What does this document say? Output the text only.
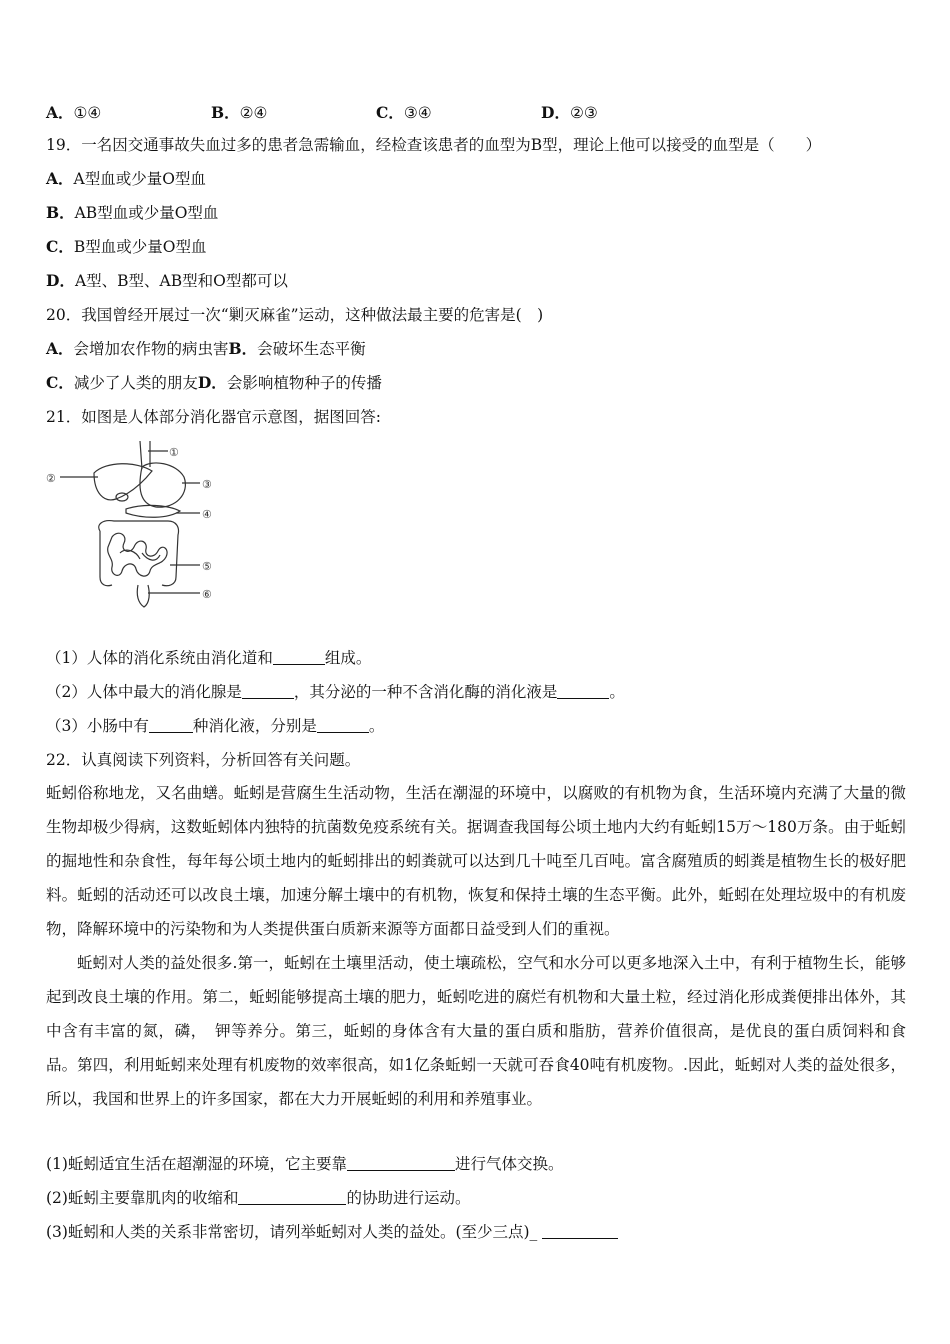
A．①④	B．②④	C．③④	D．②③
19．一名因交通事故失血过多的患者急需输血，经检查该患者的血型为B型，理论上他可以接受的血型是（　　）
A．A型血或少量O型血
B．AB型血或少量O型血
C．B型血或少量O型血
D．A型、B型、AB型和O型都可以
20．我国曾经开展过一次“剿灭麻雀”运动，这种做法最主要的危害是(　)
A．会增加农作物的病虫害B．会破坏生态平衡
C．减少了人类的朋友D．会影响植物种子的传播
21．如图是人体部分消化器官示意图，据图回答:
①
②	③
④
⑤
⑥
（1）人体的消化系统由消化道和	组成。
（2）人体中最大的消化腺是	，其分泌的一种不含消化酶的消化液是	。
（3）小肠中有	种消化液，分别是	。
22．认真阅读下列资料，分析回答有关问题。

蚯蚓俗称地龙，又名曲蟮。蚯蚓是营腐生生活动物，生活在潮湿的环境中，以腐败的有机物为食，生活环境内充满了大量的微生物却极少得病，这数蚯蚓体内独特的抗菌数免疫系统有关。据调查我国每公顷土地内大约有蚯蚓15万～180万条。由于蚯蚓的掘地性和杂食性，每年每公顷土地内的蚯蚓排出的蚓粪就可以达到几十吨至几百吨。富含腐殖质的蚓粪是植物生长的极好肥料。蚯蚓的活动还可以改良土壤，加速分解土壤中的有机物，恢复和保持土壤的生态平衡。此外，蚯蚓在处理垃圾中的有机废物，降解环境中的污染物和为人类提供蛋白质新来源等方面都日益受到人们的重视。

蚯蚓对人类的益处很多.第一，蚯蚓在土壤里活动，使土壤疏松，空气和水分可以更多地深入土中，有利于植物生长，能够起到改良土壤的作用。第二，蚯蚓能够提高土壤的肥力，蚯蚓吃进的腐烂有机物和大量土粒，经过消化形成粪便排出体外，其中含有丰富的氮，磷，　钾等养分。第三，蚯蚓的身体含有大量的蛋白质和脂肪，营养价值很高，是优良的蛋白质饲料和食品。第四，利用蚯蚓来处理有机废物的效率很高，如1亿条蚯蚓一天就可吞食40吨有机废物。.因此，蚯蚓对人类的益处很多，所以，我国和世界上的许多国家，都在大力开展蚯蚓的利用和养殖事业。

(1)蚯蚓适宜生活在超潮湿的环境，它主要靠	进行气体交换。
(2)蚯蚓主要靠肌肉的收缩和	的协助进行运动。
(3)蚯蚓和人类的关系非常密切，请列举蚯蚓对人类的益处。(至少三点)_
